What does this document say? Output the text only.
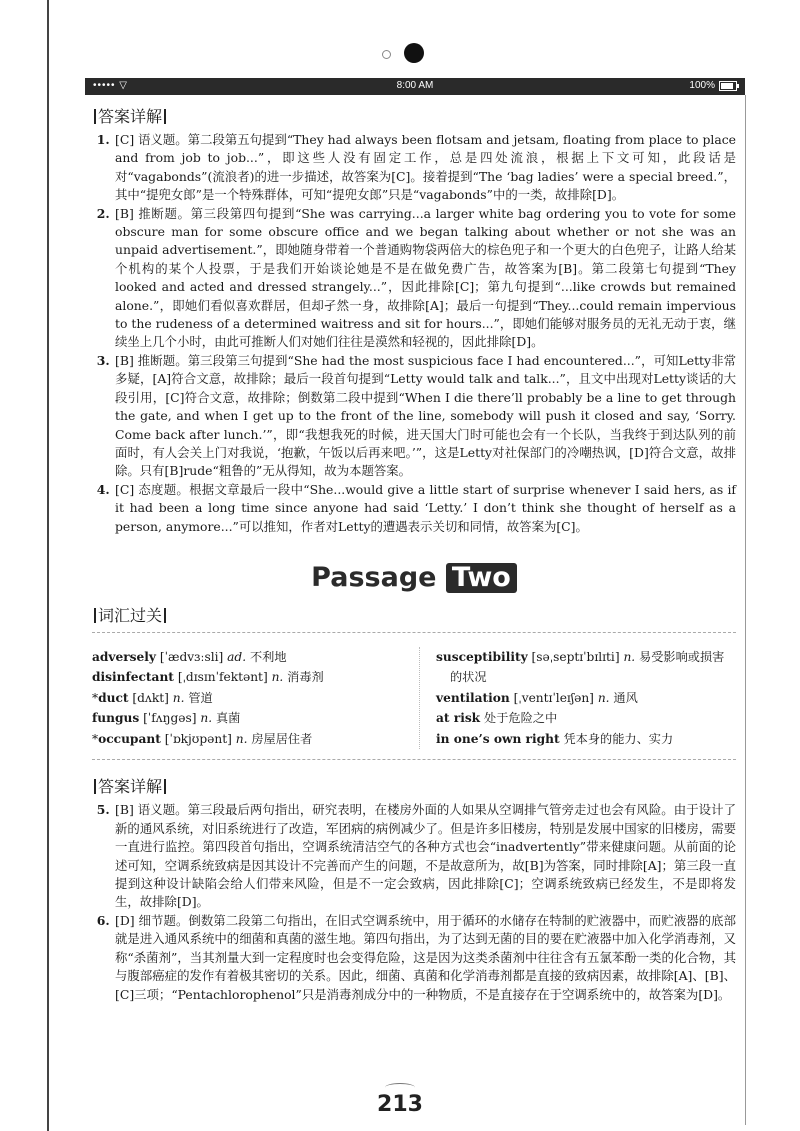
••••• ▽	8:00 AM	100%
答案详解
1. [C] 语义题。第二段第五句提到“They had always been flotsam and jetsam, floating from place to place and from job to job...”，即这些人没有固定工作，总是四处流浪，根据上下文可知，此段话是对“vagabonds”(流浪者)的进一步描述，故答案为[C]。接着提到“The ‘bag ladies’ were a special breed.”，其中“提兜女郎”是一个特殊群体，可知“提兜女郎”只是“vagabonds”中的一类，故排除[D]。
2. [B] 推断题。第三段第四句提到“She was carrying...a larger white bag ordering you to vote for some obscure man for some obscure office and we began talking about whether or not she was an unpaid advertisement.”，即她随身带着一个普通购物袋两倍大的棕色兜子和一个更大的白色兜子，让路人给某个机构的某个人投票，于是我们开始谈论她是不是在做免费广告，故答案为[B]。第二段第七句提到“They looked and acted and dressed strangely...”，因此排除[C]；第九句提到“...like crowds but remained alone.”，即她们看似喜欢群居，但却孑然一身，故排除[A]；最后一句提到“They...could remain impervious to the rudeness of a determined waitress and sit for hours...”，即她们能够对服务员的无礼无动于衷，继续坐上几个小时，由此可推断人们对她们往往是漠然和轻视的，因此排除[D]。
3. [B] 推断题。第三段第三句提到“She had the most suspicious face I had encountered...”，可知Letty非常多疑，[A]符合文意，故排除；最后一段首句提到“Letty would talk and talk...”，且文中出现对Letty谈话的大段引用，[C]符合文意，故排除；倒数第二段中提到“When I die there’ll probably be a line to get through the gate, and when I get up to the front of the line, somebody will push it closed and say, ‘Sorry. Come back after lunch.’”，即“我想我死的时候，进天国大门时可能也会有一个长队，当我终于到达队列的前面时，有人会关上门对我说，‘抱歉，午饭以后再来吧。’”，这是Letty对社保部门的冷嘲热讽，[D]符合文意，故排除。只有[B]rude“粗鲁的”无从得知，故为本题答案。
4. [C] 态度题。根据文章最后一段中“She...would give a little start of surprise whenever I said hers, as if it had been a long time since anyone had said ‘Letty.’ I don’t think she thought of herself as a person, anymore...”可以推知，作者对Letty的遭遇表示关切和同情，故答案为[C]。
Passage Two
词汇过关
adversely [ˈædvɜːsli] ad. 不利地
disinfectant [ˌdɪsɪnˈfektənt] n. 消毒剂
*duct [dʌkt] n. 管道
fungus [ˈfʌŋgəs] n. 真菌
*occupant [ˈɒkjʊpənt] n. 房屋居住者
susceptibility [səˌseptɪˈbɪlɪti] n. 易受影响或损害
的状况
ventilation [ˌventɪˈleɪʃən] n. 通风
at risk 处于危险之中
in one’s own right 凭本身的能力、实力
答案详解
5. [B] 语义题。第三段最后两句指出，研究表明，在楼房外面的人如果从空调排气管旁走过也会有风险。由于设计了新的通风系统，对旧系统进行了改造，军团病的病例减少了。但是许多旧楼房，特别是发展中国家的旧楼房，需要一直进行监控。第四段首句指出，空调系统清洁空气的各种方式也会“inadvertently”带来健康问题。从前面的论述可知，空调系统致病是因其设计不完善而产生的问题，不是故意所为，故[B]为答案，同时排除[A]；第三段一直提到这种设计缺陷会给人们带来风险，但是不一定会致病，因此排除[C]；空调系统致病已经发生，不是即将发生，故排除[D]。
6. [D] 细节题。倒数第二段第二句指出，在旧式空调系统中，用于循环的水储存在特制的贮液器中，而贮液器的底部就是进入通风系统中的细菌和真菌的滋生地。第四句指出，为了达到无菌的目的要在贮液器中加入化学消毒剂，又称“杀菌剂”，当其剂量大到一定程度时也会变得危险，这是因为这类杀菌剂中往往含有五氯苯酚一类的化合物，其与腹部癌症的发作有着极其密切的关系。因此，细菌、真菌和化学消毒剂都是直接的致病因素，故排除[A]、[B]、[C]三项；“Pentachlorophenol”只是消毒剂成分中的一种物质，不是直接存在于空调系统中的，故答案为[D]。
213
